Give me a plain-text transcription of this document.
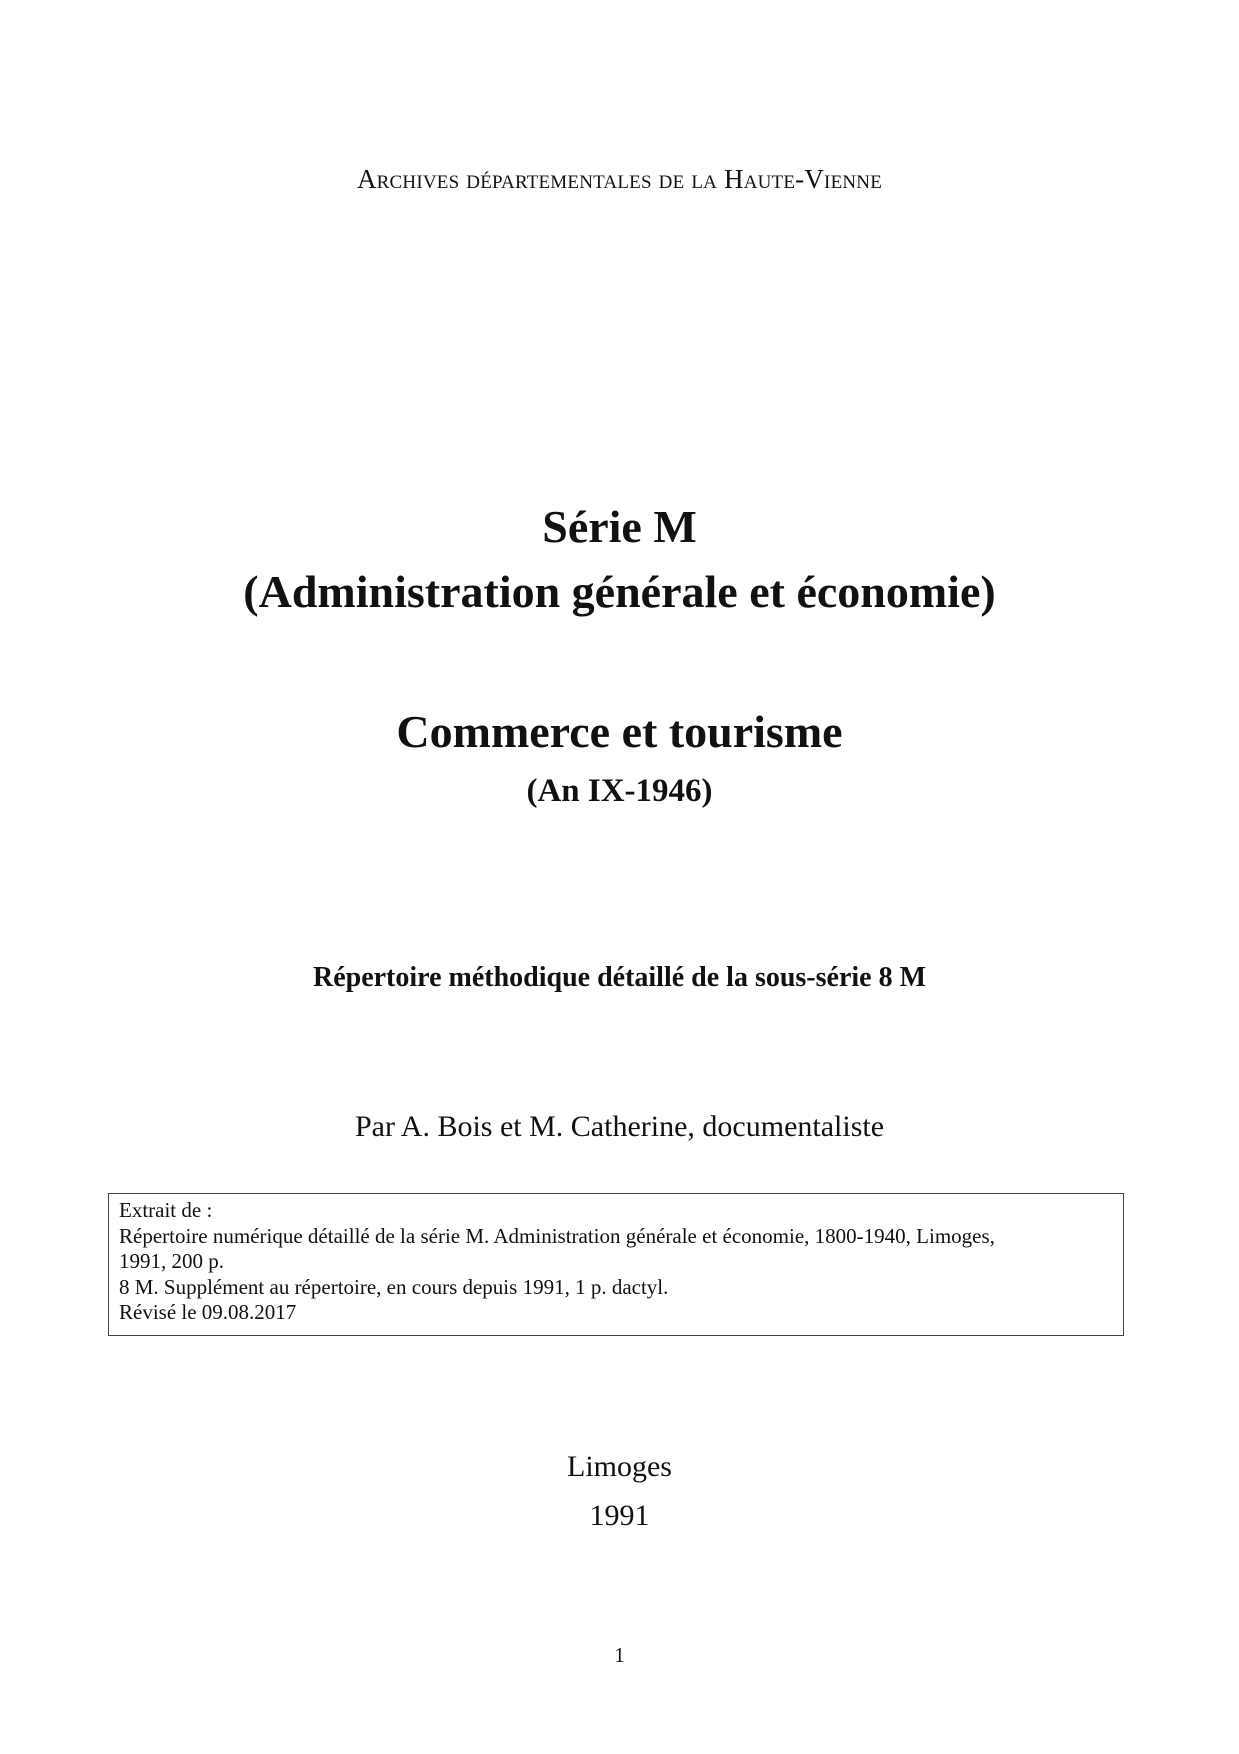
Archives départementales de la Haute-Vienne
Série M
(Administration générale et économie)
Commerce et tourisme
(An IX-1946)
Répertoire méthodique détaillé de la sous-série 8 M
Par A. Bois et M. Catherine, documentaliste
Extrait de :
Répertoire numérique détaillé de la série M. Administration générale et économie, 1800-1940, Limoges,
1991, 200 p.
8 M. Supplément au répertoire, en cours depuis 1991, 1 p. dactyl.
Révisé le 09.08.2017
Limoges
1991
1
